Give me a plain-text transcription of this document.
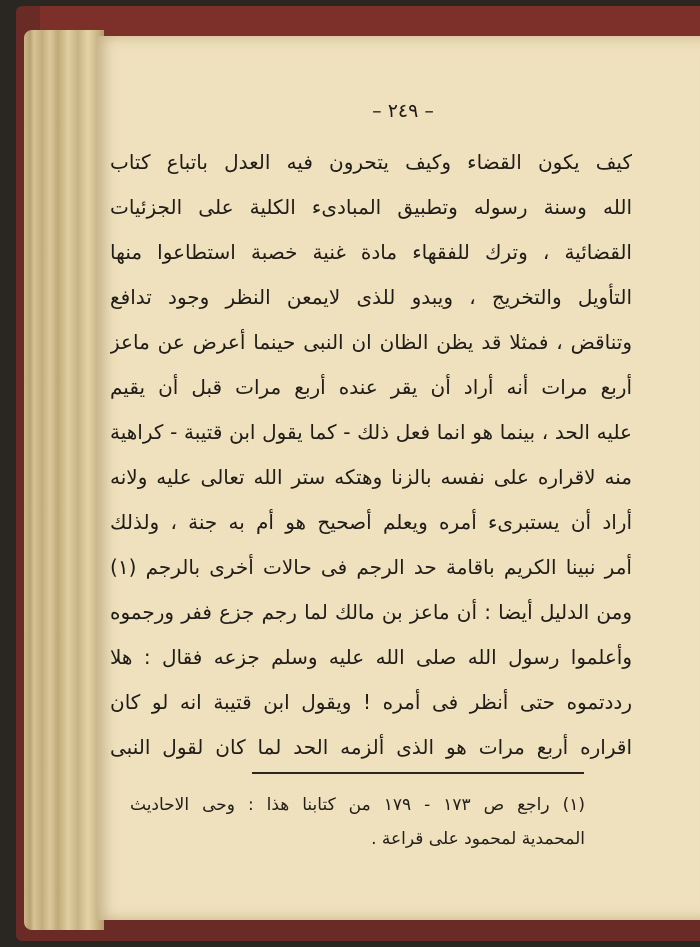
– ٢٤٩ –
كيف يكون القضاء وكيف يتحرون فيه العدل باتباع كتاب
الله وسنة رسوله وتطبيق المبادىء الكلية على الجزئيات
القضائية ، وترك للفقهاء مادة غنية خصبة استطاعوا منها
التأويل والتخريج ، ويبدو للذى لايمعن النظر وجود تدافع
وتناقض ، فمثلا قد يظن الظان ان النبى حينما أعرض عن ماعز
أربع مرات أنه أراد أن يقر عنده أربع مرات قبل أن يقيم
عليه الحد ، بينما هو انما فعل ذلك - كما يقول ابن قتيبة - كراهية
منه لاقراره على نفسه بالزنا وهتكه ستر الله تعالى عليه ولانه
أراد أن يستبرىء أمره ويعلم أصحيح هو أم به جنة ، ولذلك
أمر نبينا الكريم باقامة حد الرجم فى حالات أخرى بالرجم (١)
ومن الدليل أيضا : أن ماعز بن مالك لما رجم جزع ففر ورجموه
وأعلموا رسول الله صلى الله عليه وسلم جزعه فقال : هلا
رددتموه حتى أنظر فى أمره ! ويقول ابن قتيبة انه لو كان
اقراره أربع مرات هو الذى ألزمه الحد لما كان لقول النبى
(١) راجع ص ١٧٣ - ١٧٩ من كتابنا هذا : وحى الاحاديث
المحمدية لمحمود على قراعة .
